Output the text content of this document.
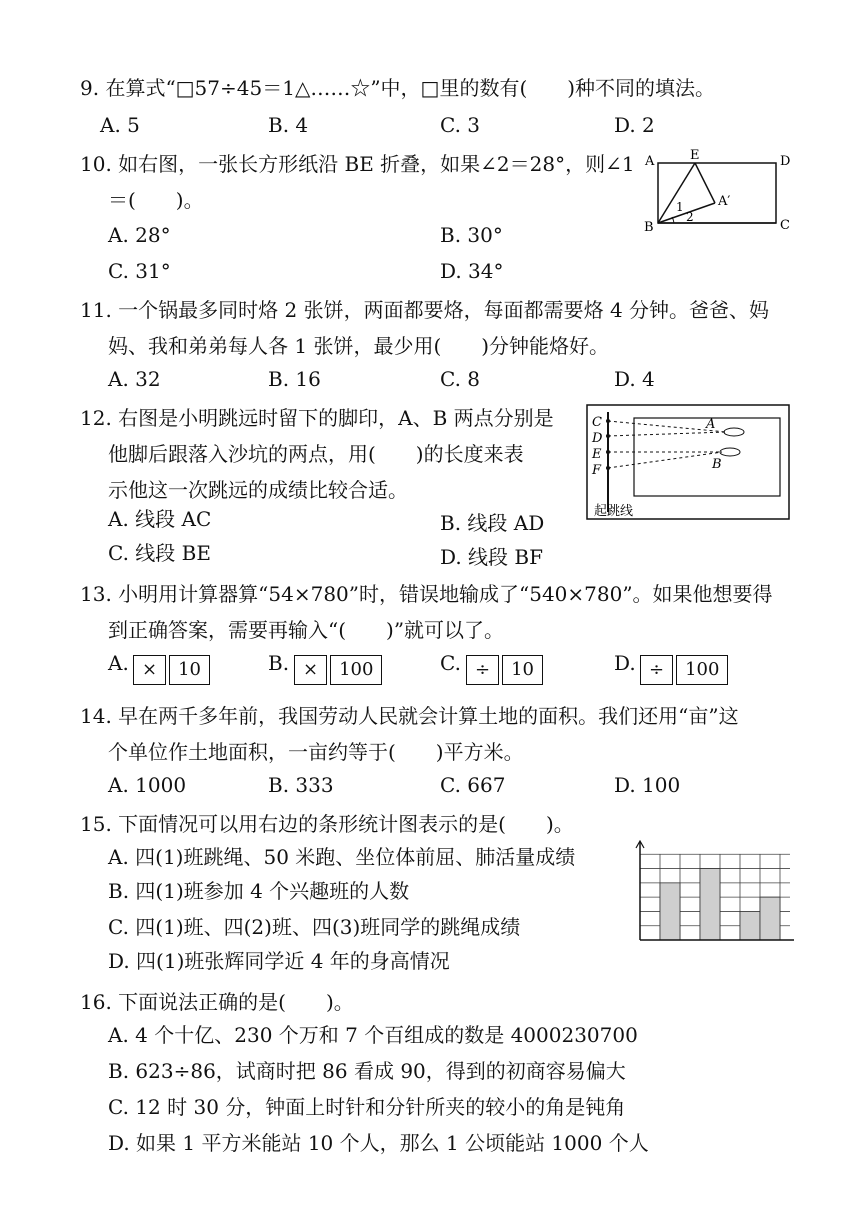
9. 在算式“□57÷45＝1△……☆”中，□里的数有(　　)种不同的填法。
A. 5	B. 4	C. 3	D. 2
10. 如右图，一张长方形纸沿 BE 折叠，如果∠2＝28°，则∠1
＝(　　)。
A. 28°	B. 30°
C. 31°	D. 34°
A	E	D
A′
B	C
1
2
11. 一个锅最多同时烙 2 张饼，两面都要烙，每面都需要烙 4 分钟。爸爸、妈
妈、我和弟弟每人各 1 张饼，最少用(　　)分钟能烙好。
A. 32	B. 16	C. 8	D. 4
12. 右图是小明跳远时留下的脚印，A、B 两点分别是
他脚后跟落入沙坑的两点，用(　　)的长度来表
示他这一次跳远的成绩比较合适。
A. 线段 AC	B. 线段 AD
C. 线段 BE	D. 线段 BF
C
D
E
F
A
B
起跳线
13. 小明用计算器算“54×780”时，错误地输成了“540×780”。如果他想要得
到正确答案，需要再输入“(　　)”就可以了。
A. ×	10	B. ×	100	C. ÷	10	D. ÷	100
14. 早在两千多年前，我国劳动人民就会计算土地的面积。我们还用“亩”这
个单位作土地面积，一亩约等于(　　)平方米。
A. 1000	B. 333	C. 667	D. 100
15. 下面情况可以用右边的条形统计图表示的是(　　)。
A. 四(1)班跳绳、50 米跑、坐位体前屈、肺活量成绩
B. 四(1)班参加 4 个兴趣班的人数
C. 四(1)班、四(2)班、四(3)班同学的跳绳成绩
D. 四(1)班张辉同学近 4 年的身高情况
16. 下面说法正确的是(　　)。
A. 4 个十亿、230 个万和 7 个百组成的数是 4000230700
B. 623÷86，试商时把 86 看成 90，得到的初商容易偏大
C. 12 时 30 分，钟面上时针和分针所夹的较小的角是钝角
D. 如果 1 平方米能站 10 个人，那么 1 公顷能站 1000 个人
